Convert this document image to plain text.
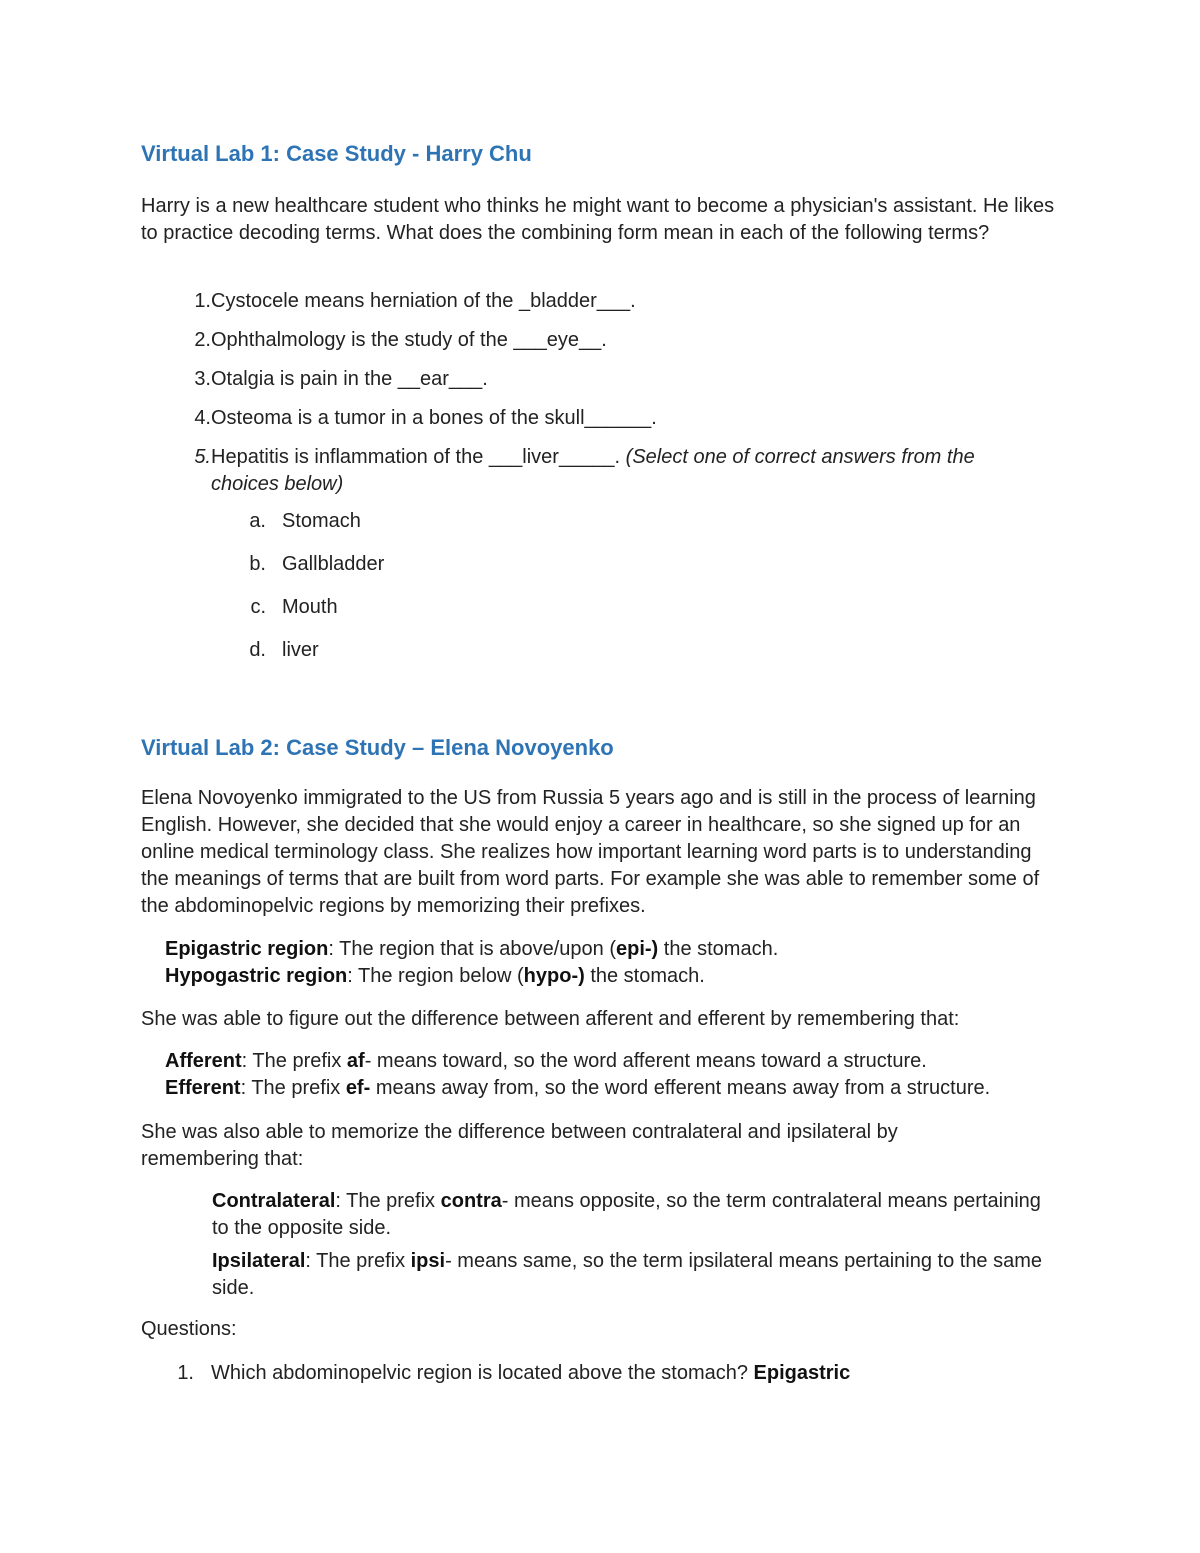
Virtual Lab 1: Case Study - Harry Chu

Harry is a new healthcare student who thinks he might want to become a physician's assistant. He likes to practice decoding terms. What does the combining form mean in each of the following terms?

1. Cystocele means herniation of the _bladder___.
2. Ophthalmology is the study of the ___eye__.
3. Otalgia is pain in the __ear___.
4. Osteoma is a tumor in a bones of the skull______.
5. Hepatitis is inflammation of the ___liver_____. (Select one of correct answers from the choices below)
a. Stomach
b. Gallbladder
c. Mouth
d. liver
Virtual Lab 2: Case Study – Elena Novoyenko

Elena Novoyenko immigrated to the US from Russia 5 years ago and is still in the process of learning English. However, she decided that she would enjoy a career in healthcare, so she signed up for an online medical terminology class. She realizes how important learning word parts is to understanding the meanings of terms that are built from word parts. For example she was able to remember some of the abdominopelvic regions by memorizing their prefixes.

Epigastric region: The region that is above/upon (epi-) the stomach.
Hypogastric region: The region below (hypo-) the stomach.

She was able to figure out the difference between afferent and efferent by remembering that:

Afferent: The prefix af- means toward, so the word afferent means toward a structure.
Efferent: The prefix ef- means away from, so the word efferent means away from a structure.

She was also able to memorize the difference between contralateral and ipsilateral by remembering that:

Contralateral: The prefix contra- means opposite, so the term contralateral means pertaining to the opposite side.
Ipsilateral: The prefix ipsi- means same, so the term ipsilateral means pertaining to the same side.

Questions:

1. Which abdominopelvic region is located above the stomach? Epigastric
